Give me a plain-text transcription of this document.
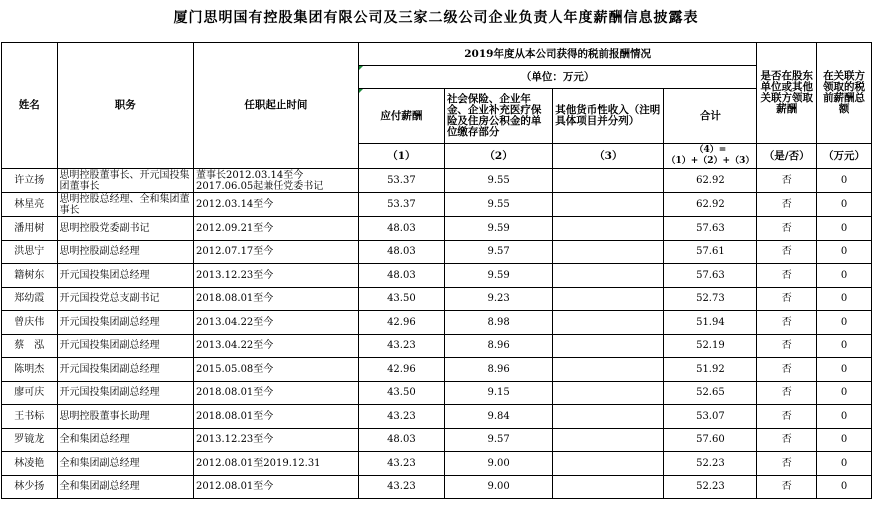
厦门思明国有控股集团有限公司及三家二级公司企业负责人年度薪酬信息披露表
姓名	职务	任职起止时间	2019年度从本公司获得的税前报酬情况				是否在股东单位或其他关联方领取薪酬	在关联方领取的税前薪酬总额
			（单位：万元）					
			应付薪酬	社会保险、企业年金、企业补充医疗保险及住房公积金的单位缴存部分	其他货币性收入（注明具体项目并分列）	合计		
			（1）	（2）	（3）	（4）=（1）+（2）+（3）	（是/否）	（万元）
许立扬	思明控股董事长、开元国投集团董事长	董事长2012.03.14至今 2017.06.05起兼任党委书记	53.37	9.55		62.92	否	0
林星亮	思明控股总经理、全和集团董事长	2012.03.14至今	53.37	9.55		62.92	否	0
潘用树	思明控股党委副书记	2012.09.21至今	48.03	9.59		57.63	否	0
洪思宁	思明控股副总经理	2012.07.17至今	48.03	9.57		57.61	否	0
籍树东	开元国投集团总经理	2013.12.23至今	48.03	9.59		57.63	否	0
郑幼霞	开元国投党总支副书记	2018.08.01至今	43.50	9.23		52.73	否	0
曾庆伟	开元国投集团副总经理	2013.04.22至今	42.96	8.98		51.94	否	0
蔡　泓	开元国投集团副总经理	2013.04.22至今	43.23	8.96		52.19	否	0
陈明杰	开元国投集团副总经理	2015.05.08至今	42.96	8.96		51.92	否	0
廖可庆	开元国投集团副总经理	2018.08.01至今	43.50	9.15		52.65	否	0
王书标	思明控股董事长助理	2018.08.01至今	43.23	9.84		53.07	否	0
罗镜龙	全和集团总经理	2013.12.23至今	48.03	9.57		57.60	否	0
林凌艳	全和集团副总经理	2012.08.01至2019.12.31	43.23	9.00		52.23	否	0
林少扬	全和集团副总经理	2012.08.01至今	43.23	9.00		52.23	否	0
